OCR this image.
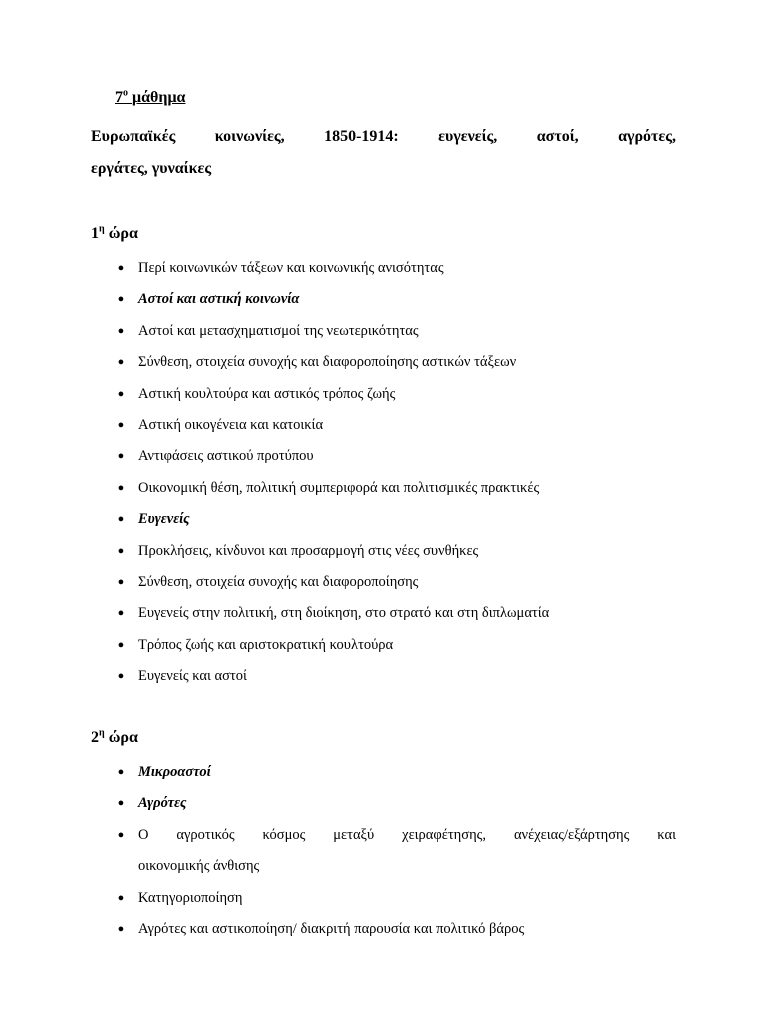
$7^o$ μάθημα
Ευρωπαϊκές κοινωνίες, 1850-1914: ευγενείς, αστοί, αγρότες,
εργάτες, γυναίκες
$1^\eta$ ώρα
● Περί κοινωνικών τάξεων και κοινωνικής ανισότητας
● Αστοί και αστική κοινωνία
● Αστοί και μετασχηματισμοί της νεωτερικότητας
● Σύνθεση, στοιχεία συνοχής και διαφοροποίησης αστικών τάξεων
● Αστική κουλτούρα και αστικός τρόπος ζωής
● Αστική οικογένεια και κατοικία
● Αντιφάσεις αστικού προτύπου
● Οικονομική θέση, πολιτική συμπεριφορά και πολιτισμικές πρακτικές
● Ευγενείς
● Προκλήσεις, κίνδυνοι και προσαρμογή στις νέες συνθήκες
● Σύνθεση, στοιχεία συνοχής και διαφοροποίησης
● Ευγενείς στην πολιτική, στη διοίκηση, στο στρατό και στη διπλωματία
● Τρόπος ζωής και αριστοκρατική κουλτούρα
● Ευγενείς και αστοί
$2^\eta$ ώρα
● Μικροαστοί
● Αγρότες
● Ο αγροτικός κόσμος μεταξύ χειραφέτησης, ανέχειας/εξάρτησης και
οικονομικής άνθισης
● Κατηγοριοποίηση
● Αγρότες και αστικοποίηση/ διακριτή παρουσία και πολιτικό βάρος
